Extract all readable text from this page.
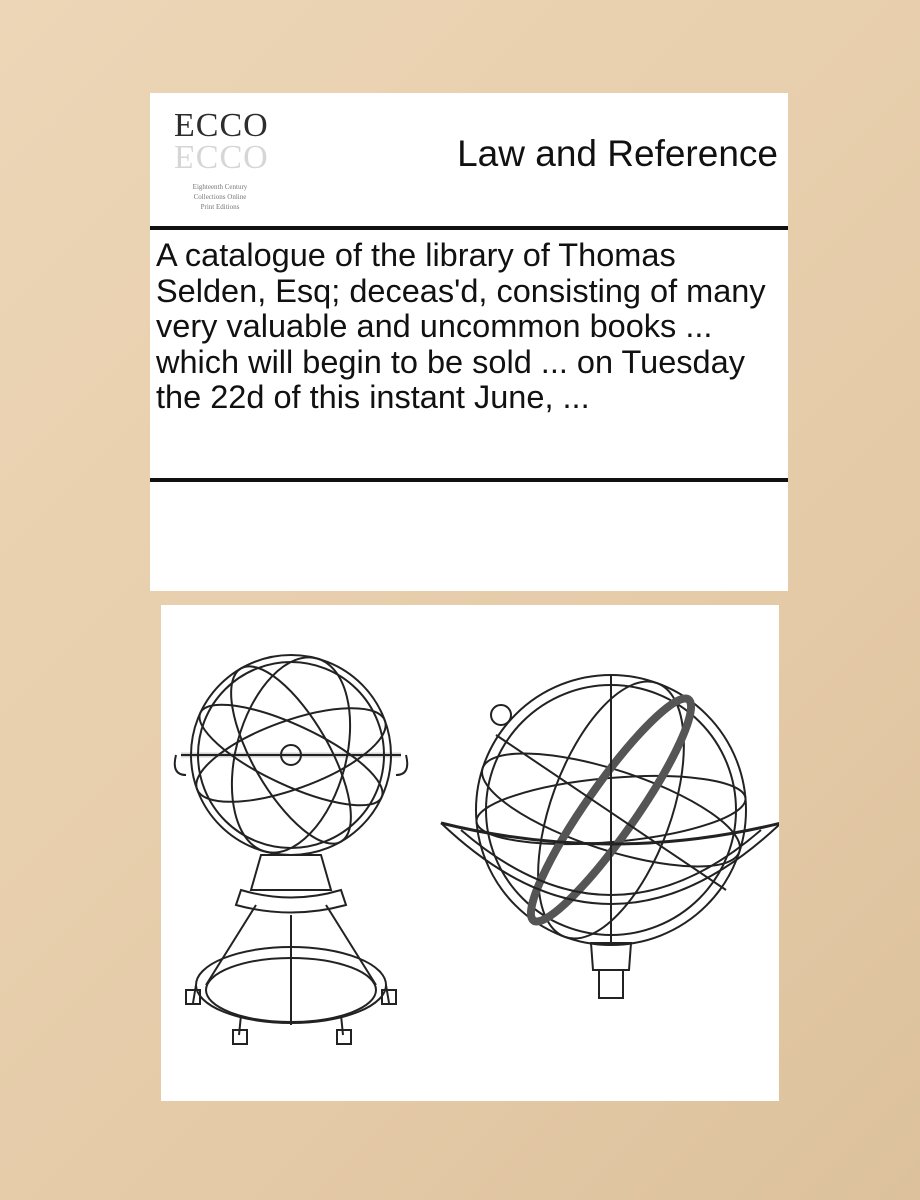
ECCO
ECCO
Eighteenth Century
Collections Online
Print Editions
Law and Reference
A catalogue of the library of Thomas Selden, Esq; deceas'd, consisting of many very valuable and uncommon books ... which will begin to be sold ... on Tuesday the 22d of this instant June, ...
